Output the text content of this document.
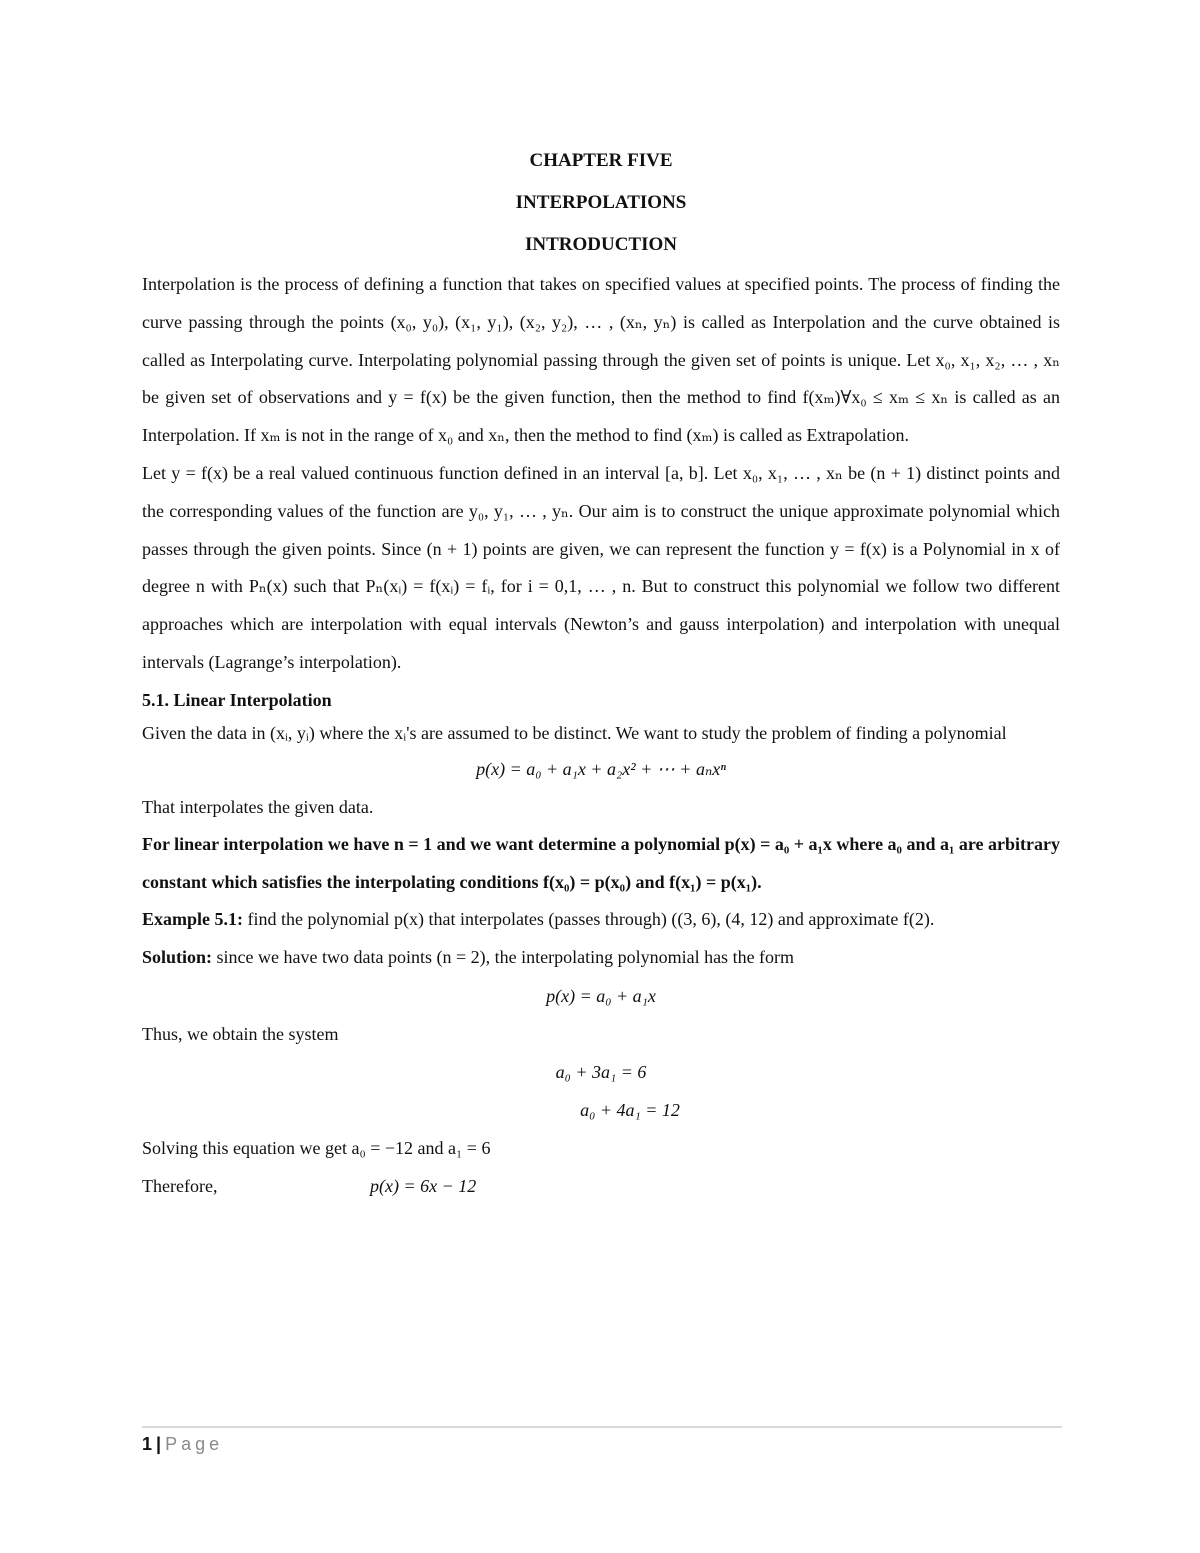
CHAPTER FIVE
INTERPOLATIONS
INTRODUCTION

Interpolation is the process of defining a function that takes on specified values at specified points. The process of finding the curve passing through the points (x₀, y₀), (x₁, y₁), (x₂, y₂), … , (xₙ, yₙ) is called as Interpolation and the curve obtained is called as Interpolating curve. Interpolating polynomial passing through the given set of points is unique. Let x₀, x₁, x₂, … , xₙ be given set of observations and y = f(x) be the given function, then the method to find f(xₘ)∀x₀ ≤ xₘ ≤ xₙ is called as an Interpolation. If xₘ is not in the range of x₀ and xₙ, then the method to find (xₘ) is called as Extrapolation.

Let y = f(x) be a real valued continuous function defined in an interval [a, b]. Let x₀, x₁, … , xₙ be (n + 1) distinct points and the corresponding values of the function are y₀, y₁, … , yₙ. Our aim is to construct the unique approximate polynomial which passes through the given points. Since (n + 1) points are given, we can represent the function y = f(x) is a Polynomial in x of degree n with Pₙ(x) such that Pₙ(xᵢ) = f(xᵢ) = fᵢ, for i = 0,1, … , n. But to construct this polynomial we follow two different approaches which are interpolation with equal intervals (Newton’s and gauss interpolation) and interpolation with unequal intervals (Lagrange’s interpolation).

5.1. Linear Interpolation

Given the data in (xᵢ, yᵢ) where the xᵢ's are assumed to be distinct. We want to study the problem of finding a polynomial

p(x) = a₀ + a₁x + a₂x² + ⋯ + aₙxⁿ
That interpolates the given data.

For linear interpolation we have n = 1 and we want determine a polynomial p(x) = a₀ + a₁x where a₀ and a₁ are arbitrary constant which satisfies the interpolating conditions f(x₀) = p(x₀) and f(x₁) = p(x₁).

Example 5.1: find the polynomial p(x) that interpolates (passes through) ((3, 6), (4, 12) and approximate f(2).

Solution: since we have two data points (n = 2), the interpolating polynomial has the form

p(x) = a₀ + a₁x
Thus, we obtain the system
a₀ + 3a₁ = 6
a₀ + 4a₁ = 12
Solving this equation we get a₀ = −12 and a₁ = 6
Therefore,	p(x) = 6x − 12
1 | Page
